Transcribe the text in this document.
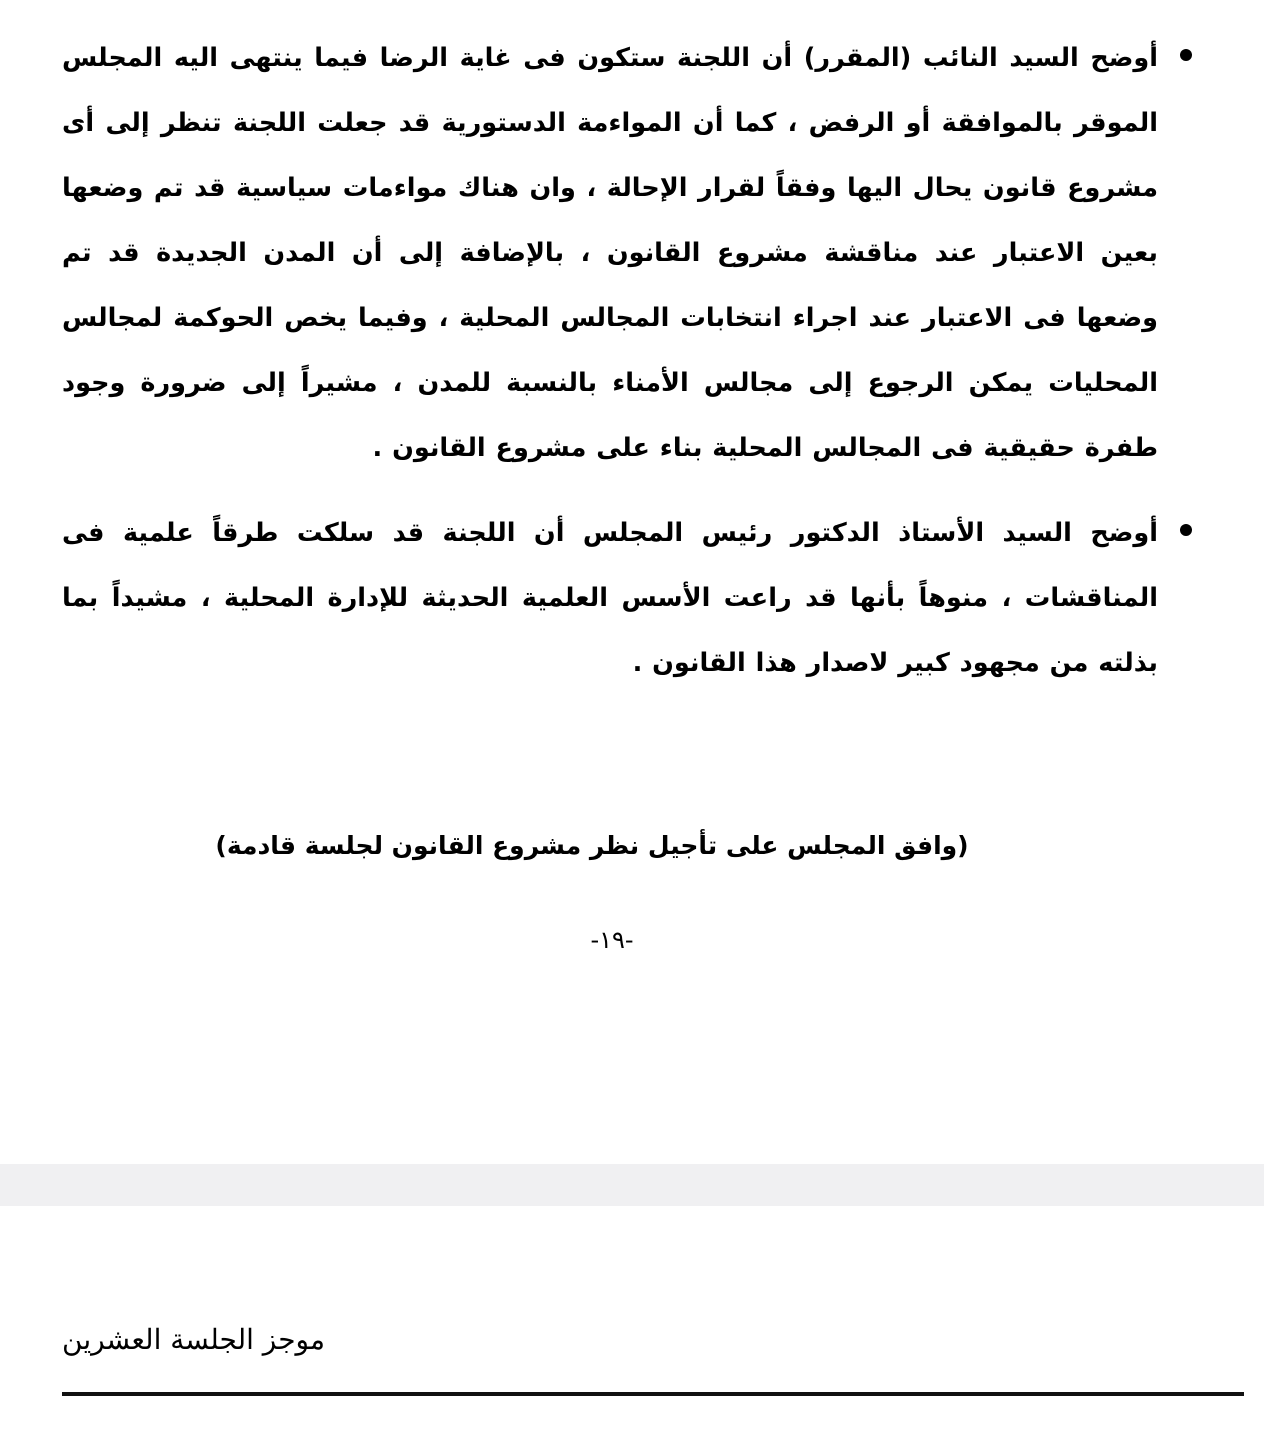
أوضح السيد النائب (المقرر) أن اللجنة ستكون فى غاية الرضا فيما ينتهى اليه المجلس الموقر بالموافقة أو الرفض ، كما أن المواءمة الدستورية قد جعلت اللجنة تنظر إلى أى مشروع قانون يحال اليها وفقاً لقرار الإحالة ، وان هناك مواءمات سياسية قد تم وضعها بعين الاعتبار عند مناقشة مشروع القانون ، بالإضافة إلى أن المدن الجديدة قد تم وضعها فى الاعتبار عند اجراء انتخابات المجالس المحلية ، وفيما يخص الحوكمة لمجالس المحليات يمكن الرجوع إلى مجالس الأمناء بالنسبة للمدن ، مشيراً إلى ضرورة وجود طفرة حقيقية فى المجالس المحلية بناء على مشروع القانون .
أوضح السيد الأستاذ الدكتور رئيس المجلس أن اللجنة قد سلكت طرقاً علمية فى المناقشات ، منوهاً بأنها قد راعت الأسس العلمية الحديثة للإدارة المحلية ، مشيداً بما بذلته من مجهود كبير لاصدار هذا القانون .
(وافق المجلس على تأجيل نظر مشروع القانون لجلسة قادمة)
-١٩-
موجز الجلسة العشرين
